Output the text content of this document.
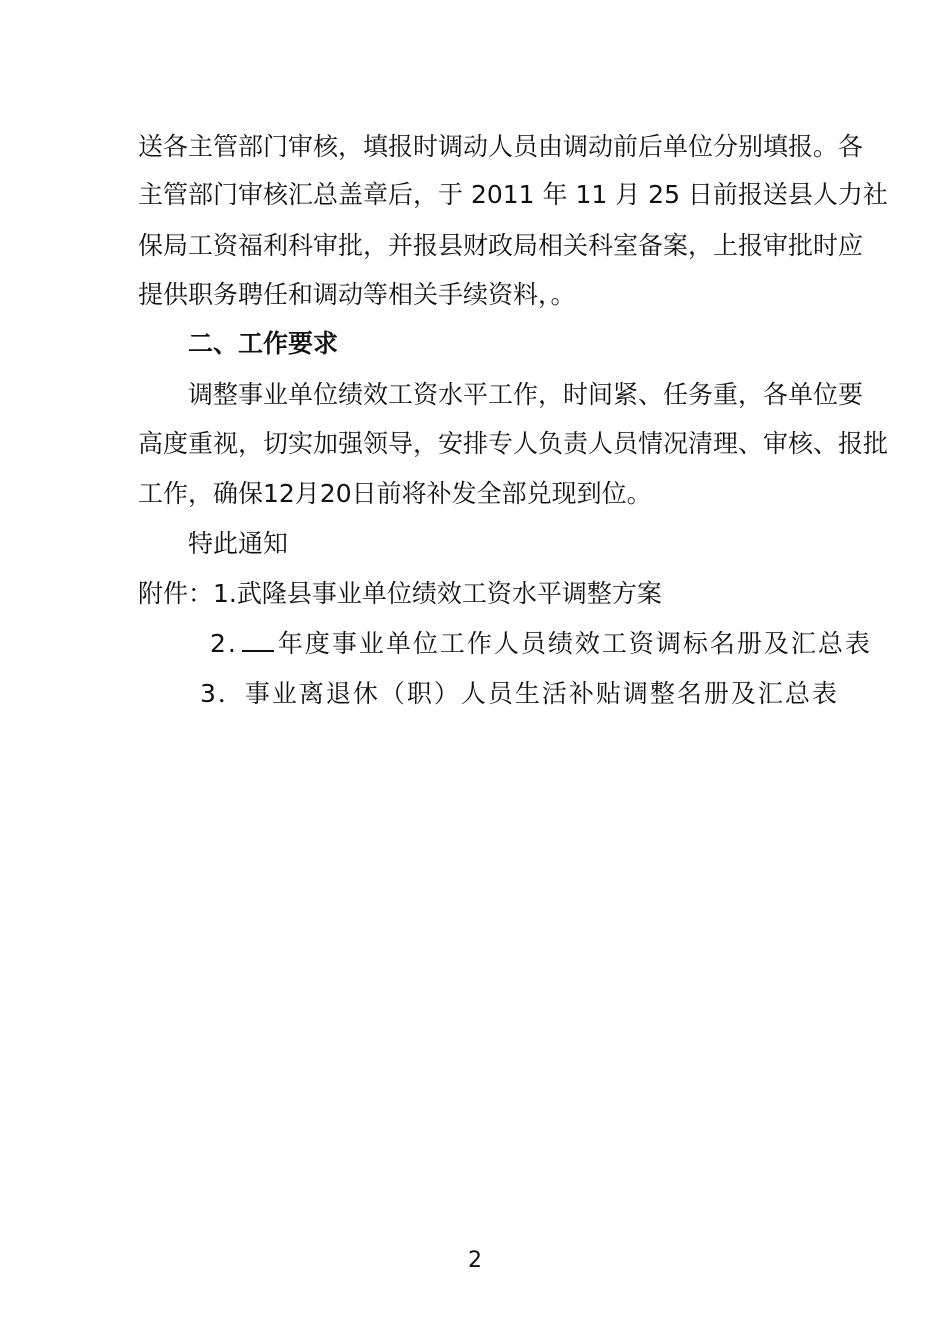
送各主管部门审核，填报时调动人员由调动前后单位分别填报。各
主管部门审核汇总盖章后，于 2011 年 11 月 25 日前报送县人力社
保局工资福利科审批，并报县财政局相关科室备案，上报审批时应
提供职务聘任和调动等相关手续资料，。
二、工作要求
调整事业单位绩效工资水平工作，时间紧、任务重，各单位要
高度重视，切实加强领导，安排专人负责人员情况清理、审核、报批
工作，确保12月20日前将补发全部兑现到位。
特此通知
附件：1.武隆县事业单位绩效工资水平调整方案
2. 年度事业单位工作人员绩效工资调标名册及汇总表
3．事业离退休（职）人员生活补贴调整名册及汇总表
2
